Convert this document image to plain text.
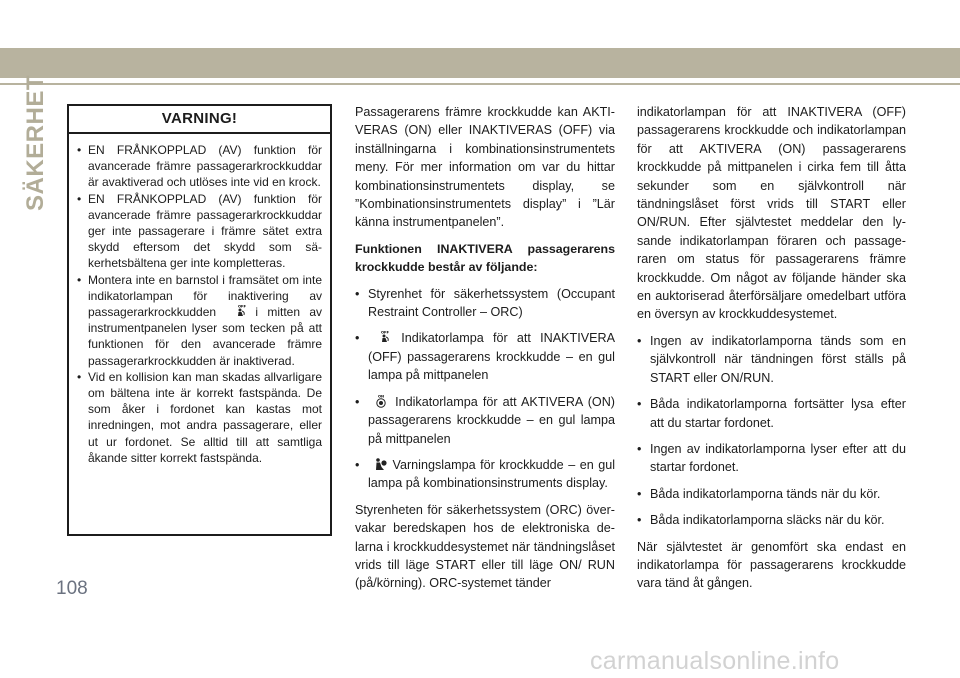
SÄKERHET	VARNING!
• EN FRÅNKOPPLAD (AV) funktion för avancerade främre passagerarkrockkuddar är avaktiverad och utlöses inte vid en krock.
• EN FRÅNKOPPLAD (AV) funktion för avancerade främre passagerarkrockkuddar ger inte passagerare i främre sätet extra skydd eftersom det skydd som säkerhetsbältena ger inte kompletteras.
• Montera inte en barnstol i framsätet om inte indikatorlampan för inaktivering av passagerarkrockkudden	OFF i mitten av instrumentpanelen lyser som tecken på att funktionen för den avancerade främre passagerarkrockkudden är inaktiverad.
• Vid en kollision kan man skadas allvarligare om bältena inte är korrekt fastspända. De som åker i fordonet kan kastas mot inredningen, mot andra passagerare, eller ut ur fordonet. Se alltid till att samtliga åkande sitter korrekt fastspända.

Passagerarens främre krockkudde kan AKTIVERAS (ON) eller INAKTIVERAS (OFF) via inställningarna i kombinationsinstrumentets meny. För mer information om var du hittar kombinationsinstrumentets display, se ”Kombinationsinstrumentets display” i ”Lär känna instrumentpanelen”.

Funktionen INAKTIVERA passagerarens krockkudde består av följande:

• Styrenhet för säkerhetssystem (Occupant Restraint Controller – ORC)

• OFF Indikatorlampa för att INAKTIVERA (OFF) passagerarens krockkudde – en gul lampa på mittpanelen

• ON Indikatorlampa för att AKTIVERA (ON) passagerarens krockkudde – en gul lampa på mittpanelen

• Varningslampa för krockkudde – en gul lampa på kombinationsinstruments display.

Styrenheten för säkerhetssystem (ORC) övervakar beredskapen hos de elektroniska delarna i krockkuddesystemet när tändningslåset vrids till läge START eller till läge ON/ RUN (på/körning). ORC-systemet tänder

indikatorlampan för att INAKTIVERA (OFF) passagerarens krockkudde och indikatorlampan för att AKTIVERA (ON) passagerarens krockkudde på mittpanelen i cirka fem till åtta sekunder som en självkontroll när tändningslåset först vrids till START eller ON/RUN. Efter självtestet meddelar den lysande indikatorlampan föraren och passageraren om status för passagerarens främre krockkudde. Om något av följande händer ska en auktoriserad återförsäljare omedelbart utföra en översyn av krockkuddesystemet.

• Ingen av indikatorlamporna tänds som en självkontroll när tändningen först ställs på START eller ON/RUN.

• Båda indikatorlamporna fortsätter lysa efter att du startar fordonet.

• Ingen av indikatorlamporna lyser efter att du startar fordonet.

• Båda indikatorlamporna tänds när du kör.

• Båda indikatorlamporna släcks när du kör.

När självtestet är genomfört ska endast en indikatorlampa för passagerarens krockkudde vara tänd åt gången.

108
carmanualsonline.info
